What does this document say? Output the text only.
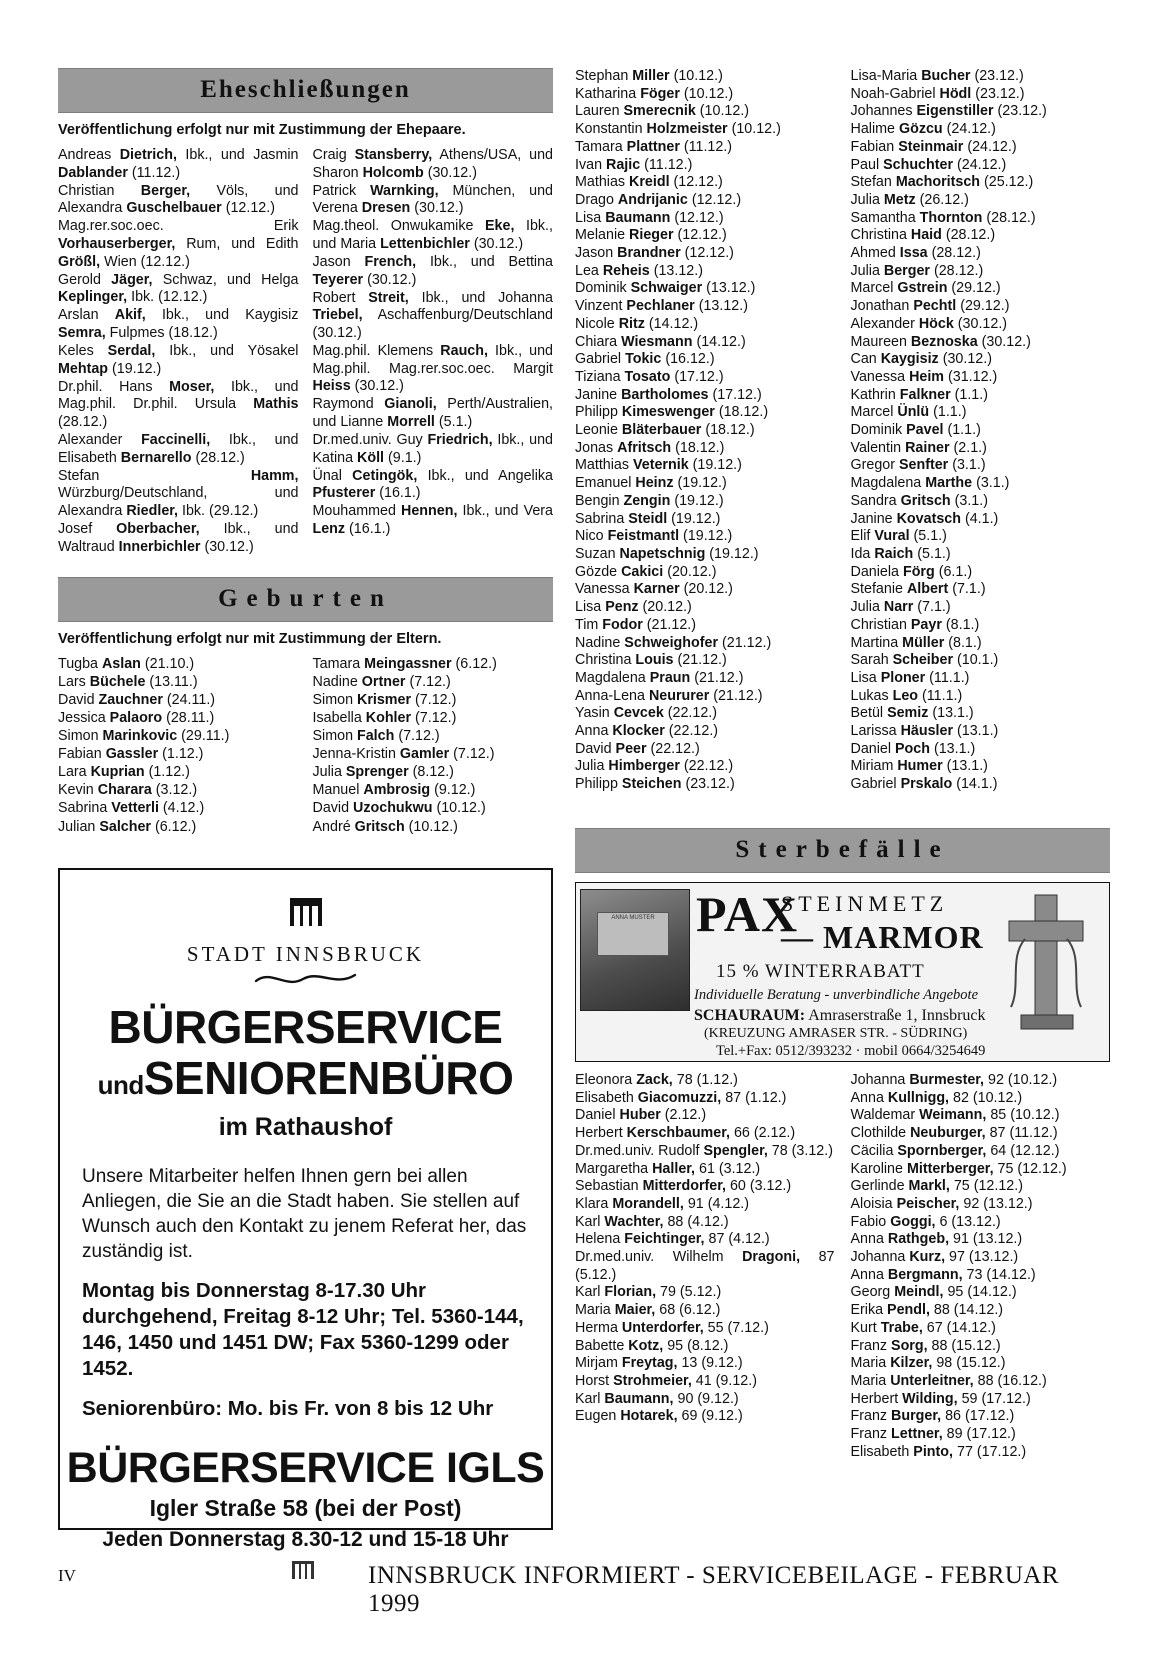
Eheschließungen
Veröffentlichung erfolgt nur mit Zustimmung der Ehepaare.
Andreas Dietrich, Ibk., und Jasmin Dablander (11.12.)
Christian Berger, Völs, und Alexandra Guschelbauer (12.12.)
Mag.rer.soc.oec. Erik Vorhauserberger, Rum, und Edith Größl, Wien (12.12.)
Gerold Jäger, Schwaz, und Helga Keplinger, Ibk. (12.12.)
Arslan Akif, Ibk., und Kaygisiz Semra, Fulpmes (18.12.)
Keles Serdal, Ibk., und Yösakel Mehtap (19.12.)
Dr.phil. Hans Moser, Ibk., und Mag.phil. Dr.phil. Ursula Mathis (28.12.)
Alexander Faccinelli, Ibk., und Elisabeth Bernarello (28.12.)
Stefan Hamm, Würzburg/Deutschland, und Alexandra Riedler, Ibk. (29.12.)
Josef Oberbacher, Ibk., und Waltraud Innerbichler (30.12.)
Craig Stansberry, Athens/USA, und Sharon Holcomb (30.12.)
Patrick Warnking, München, und Verena Dresen (30.12.)
Mag.theol. Onwukamike Eke, Ibk., und Maria Lettenbichler (30.12.)
Jason French, Ibk., und Bettina Teyerer (30.12.)
Robert Streit, Ibk., und Johanna Triebel, Aschaffenburg/Deutschland (30.12.)
Mag.phil. Klemens Rauch, Ibk., und Mag.phil. Mag.rer.soc.oec. Margit Heiss (30.12.)
Raymond Gianoli, Perth/Australien, und Lianne Morrell (5.1.)
Dr.med.univ. Guy Friedrich, Ibk., und Katina Köll (9.1.)
Ünal Cetingök, Ibk., und Angelika Pfusterer (16.1.)
Mouhammed Hennen, Ibk., und Vera Lenz (16.1.)
Geburten
Veröffentlichung erfolgt nur mit Zustimmung der Eltern.
Tugba Aslan (21.10.)
Lars Büchele (13.11.)
David Zauchner (24.11.)
Jessica Palaoro (28.11.)
Simon Marinkovic (29.11.)
Fabian Gassler (1.12.)
Lara Kuprian (1.12.)
Kevin Charara (3.12.)
Sabrina Vetterli (4.12.)
Julian Salcher (6.12.)
Tamara Meingassner (6.12.)
Nadine Ortner (7.12.)
Simon Krismer (7.12.)
Isabella Kohler (7.12.)
Simon Falch (7.12.)
Jenna-Kristin Gamler (7.12.)
Julia Sprenger (8.12.)
Manuel Ambrosig (9.12.)
David Uzochukwu (10.12.)
André Gritsch (10.12.)
Stephan Miller (10.12.)
Katharina Föger (10.12.)
Lauren Smerecnik (10.12.)
Konstantin Holzmeister (10.12.)
Tamara Plattner (11.12.)
Ivan Rajic (11.12.)
Mathias Kreidl (12.12.)
Drago Andrijanic (12.12.)
Lisa Baumann (12.12.)
Melanie Rieger (12.12.)
Jason Brandner (12.12.)
Lea Reheis (13.12.)
Dominik Schwaiger (13.12.)
Vinzent Pechlaner (13.12.)
Nicole Ritz (14.12.)
Chiara Wiesmann (14.12.)
Gabriel Tokic (16.12.)
Tiziana Tosato (17.12.)
Janine Bartholomes (17.12.)
Philipp Kimeswenger (18.12.)
Leonie Bläterbauer (18.12.)
Jonas Afritsch (18.12.)
Matthias Veternik (19.12.)
Emanuel Heinz (19.12.)
Bengin Zengin (19.12.)
Sabrina Steidl (19.12.)
Nico Feistmantl (19.12.)
Suzan Napetschnig (19.12.)
Gözde Cakici (20.12.)
Vanessa Karner (20.12.)
Lisa Penz (20.12.)
Tim Fodor (21.12.)
Nadine Schweighofer (21.12.)
Christina Louis (21.12.)
Magdalena Praun (21.12.)
Anna-Lena Neururer (21.12.)
Yasin Cevcek (22.12.)
Anna Klocker (22.12.)
David Peer (22.12.)
Julia Himberger (22.12.)
Philipp Steichen (23.12.)
Lisa-Maria Bucher (23.12.)
Noah-Gabriel Hödl (23.12.)
Johannes Eigenstiller (23.12.)
Halime Gözcu (24.12.)
Fabian Steinmair (24.12.)
Paul Schuchter (24.12.)
Stefan Machoritsch (25.12.)
Julia Metz (26.12.)
Samantha Thornton (28.12.)
Christina Haid (28.12.)
Ahmed Issa (28.12.)
Julia Berger (28.12.)
Marcel Gstrein (29.12.)
Jonathan Pechtl (29.12.)
Alexander Höck (30.12.)
Maureen Beznoska (30.12.)
Can Kaygisiz (30.12.)
Vanessa Heim (31.12.)
Kathrin Falkner (1.1.)
Marcel Ünlü (1.1.)
Dominik Pavel (1.1.)
Valentin Rainer (2.1.)
Gregor Senfter (3.1.)
Magdalena Marthe (3.1.)
Sandra Gritsch (3.1.)
Janine Kovatsch (4.1.)
Elif Vural (5.1.)
Ida Raich (5.1.)
Daniela Förg (6.1.)
Stefanie Albert (7.1.)
Julia Narr (7.1.)
Christian Payr (8.1.)
Martina Müller (8.1.)
Sarah Scheiber (10.1.)
Lisa Ploner (11.1.)
Lukas Leo (11.1.)
Betül Semiz (13.1.)
Larissa Häusler (13.1.)
Daniel Poch (13.1.)
Miriam Humer (13.1.)
Gabriel Prskalo (14.1.)
STADT INNSBRUCK
BÜRGERSERVICE
undSENIORENBÜRO
im Rathaushof
Unsere Mitarbeiter helfen Ihnen gern bei allen Anliegen, die Sie an die Stadt haben. Sie stellen auf Wunsch auch den Kontakt zu jenem Referat her, das zuständig ist.
Montag bis Donnerstag 8-17.30 Uhr durchgehend, Freitag 8-12 Uhr; Tel. 5360-144, 146, 1450 und 1451 DW; Fax 5360-1299 oder 1452.
Seniorenbüro: Mo. bis Fr. von 8 bis 12 Uhr
BÜRGERSERVICE IGLS
Igler Straße 58 (bei der Post)
Jeden Donnerstag 8.30-12 und 15-18 Uhr
Sterbefälle
ANNA MUSTER PAX
STEINMETZ
— MARMOR
15 % WINTERRABATT
Individuelle Beratung - unverbindliche Angebote
SCHAURAUM: Amraserstraße 1, Innsbruck
(KREUZUNG AMRASER STR. - SÜDRING)
Tel.+Fax: 0512/393232 · mobil 0664/3254649
Eleonora Zack, 78 (1.12.)
Elisabeth Giacomuzzi, 87 (1.12.)
Daniel Huber (2.12.)
Herbert Kerschbaumer, 66 (2.12.)
Dr.med.univ. Rudolf Spengler, 78 (3.12.)
Margaretha Haller, 61 (3.12.)
Sebastian Mitterdorfer, 60 (3.12.)
Klara Morandell, 91 (4.12.)
Karl Wachter, 88 (4.12.)
Helena Feichtinger, 87 (4.12.)
Dr.med.univ. Wilhelm Dragoni, 87 (5.12.)
Karl Florian, 79 (5.12.)
Maria Maier, 68 (6.12.)
Herma Unterdorfer, 55 (7.12.)
Babette Kotz, 95 (8.12.)
Mirjam Freytag, 13 (9.12.)
Horst Strohmeier, 41 (9.12.)
Karl Baumann, 90 (9.12.)
Eugen Hotarek, 69 (9.12.)
Johanna Burmester, 92 (10.12.)
Anna Kullnigg, 82 (10.12.)
Waldemar Weimann, 85 (10.12.)
Clothilde Neuburger, 87 (11.12.)
Cäcilia Spornberger, 64 (12.12.)
Karoline Mitterberger, 75 (12.12.)
Gerlinde Markl, 75 (12.12.)
Aloisia Peischer, 92 (13.12.)
Fabio Goggi, 6 (13.12.)
Anna Rathgeb, 91 (13.12.)
Johanna Kurz, 97 (13.12.)
Anna Bergmann, 73 (14.12.)
Georg Meindl, 95 (14.12.)
Erika Pendl, 88 (14.12.)
Kurt Trabe, 67 (14.12.)
Franz Sorg, 88 (15.12.)
Maria Kilzer, 98 (15.12.)
Maria Unterleitner, 88 (16.12.)
Herbert Wilding, 59 (17.12.)
Franz Burger, 86 (17.12.)
Franz Lettner, 89 (17.12.)
Elisabeth Pinto, 77 (17.12.)
IV	INNSBRUCK INFORMIERT - SERVICEBEILAGE - FEBRUAR 1999
